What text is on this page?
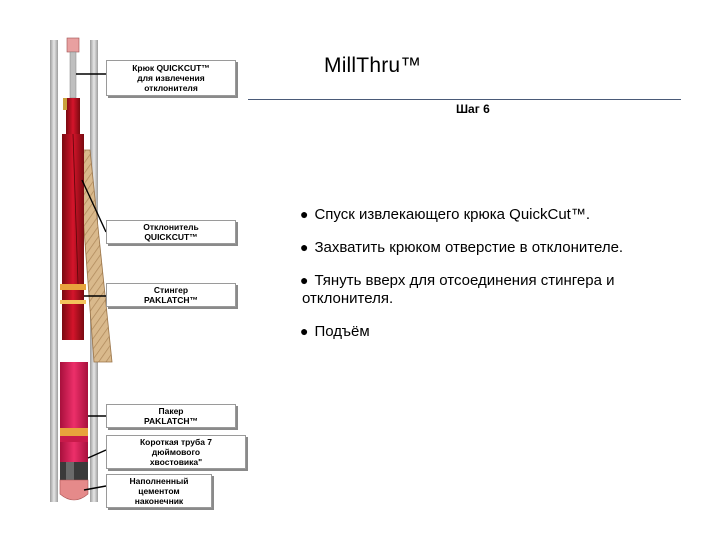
MillThru™
Шаг 6
● Спуск извлекающего крюка QuickCut™.
● Захватить крюком отверстие в отклонителе.
● Тянуть вверх для отсоединения стингера и отклонителя.
● Подъём
Крюк QUICKCUT™
для извлечения
отклонителя
Отклонитель
QUICKCUT™
Стингер
PAKLATCH™
Пакер
PAKLATCH™
Короткая труба 7
дюймового
хвостовика"
Наполненный
цементом
наконечник
